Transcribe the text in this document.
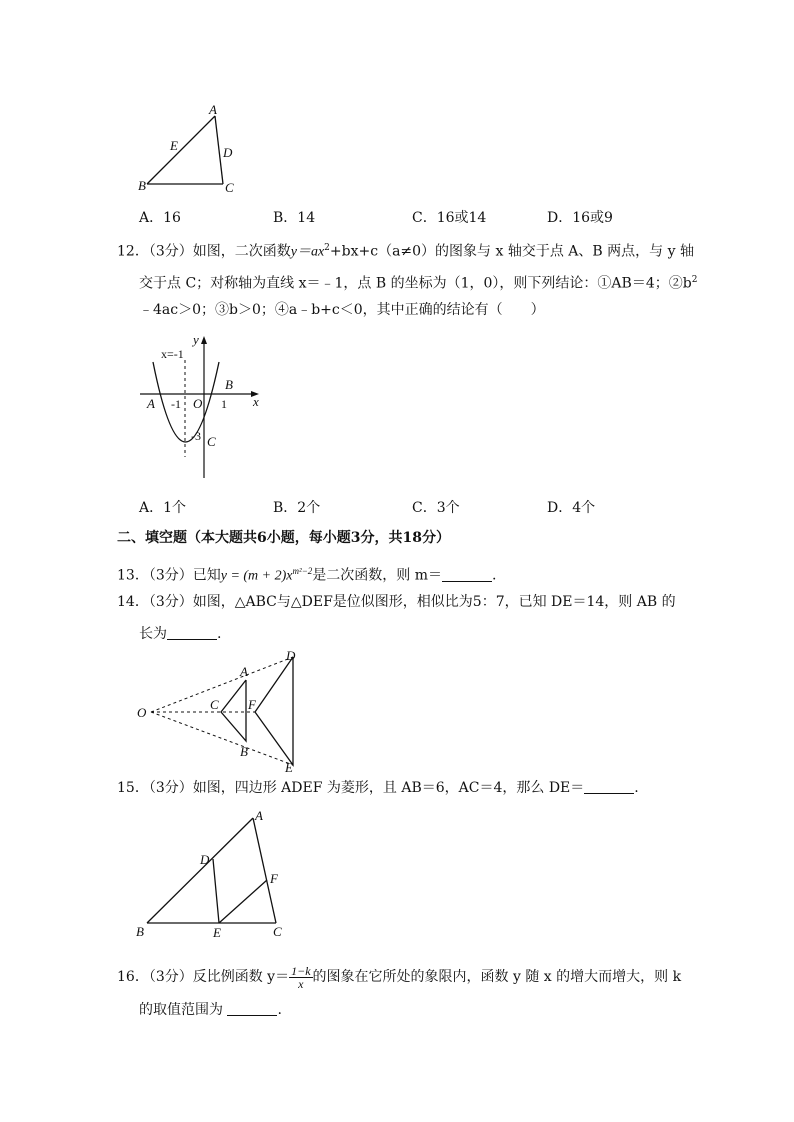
A
E	D
B	C
A．16	B．14	C．16或14	D．16或9
12．（3分）如图，二次函数$y=ax^2+bx+c(a\ne 0)$的图象与 x 轴交于点 A、B 两点，与 y 轴
交于点 C；对称轴为直线 x＝﹣1，点 B 的坐标为（1，0），则下列结论：①AB＝4；$②b^2$
﹣4ac＞0；③b＞0；④a﹣b+c＜0，其中正确的结论有（　　）
x=-1
y
x
A
B
-1 O 1
-3 C
A．1个	B．2个	C．3个	D．4个
二、填空题（本大题共6小题，每小题3分，共18分）
13．（3分）已知$y = (m + 2)x^{m^2-2}$是二次函数，则 m＝	.
14．（3分）如图，△ABC与△DEF是位似图形，相似比为5：7，已知 DE＝14，则 AB 的
长为	.
O
A
C
B
F
D
E
15．（3分）如图，四边形 ADEF 为菱形，且 AB＝6，AC＝4，那么 DE＝	.
A
D
F
B	E	C
16．（3分）反比例函数 $y= \frac{1-k}{x}$ 的图象在它所处的象限内，函数 y 随 x 的增大而增大，则 k
的取值范围为	.
